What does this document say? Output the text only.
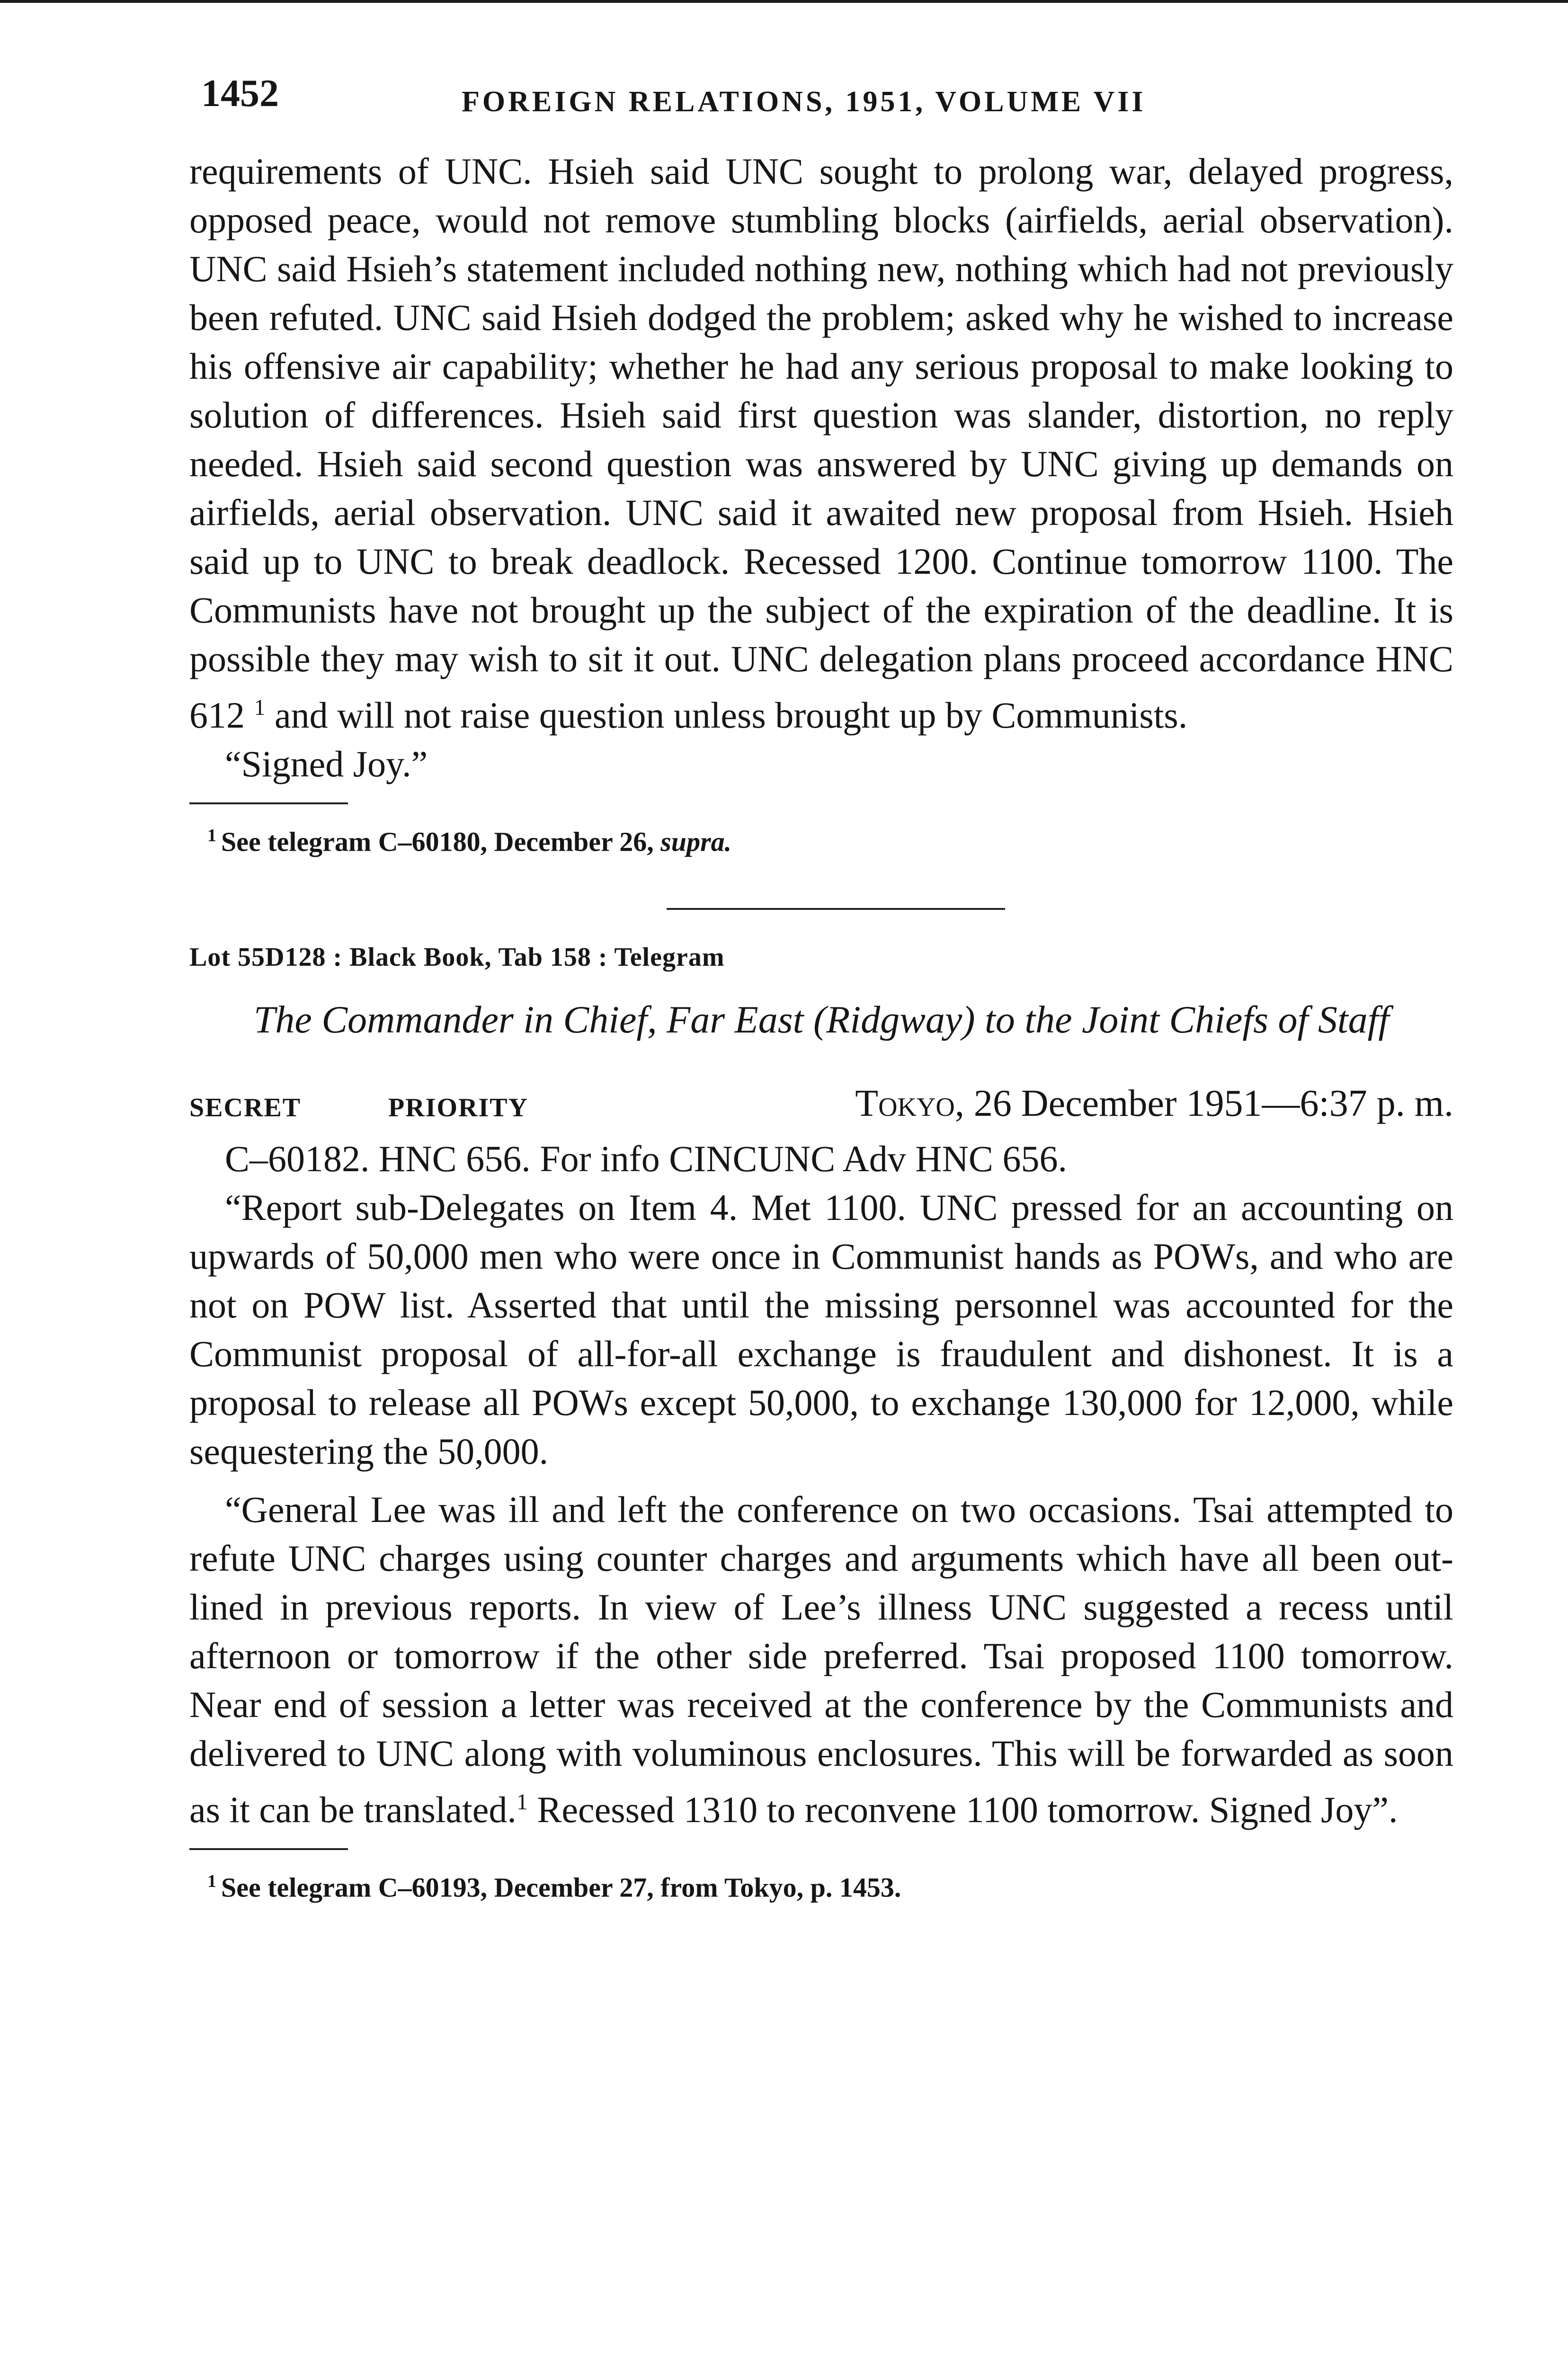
1452	FOREIGN RELATIONS, 1951, VOLUME VII

requirements of UNC. Hsieh said UNC sought to prolong war, delayed progress, opposed peace, would not remove stumbling blocks (airfields, aerial observation). UNC said Hsieh’s statement included nothing new, nothing which had not previously been refuted. UNC said Hsieh dodged the problem; asked why he wished to increase his offensive air capability; whether he had any serious proposal to make looking to solution of differences. Hsieh said first question was slander, distortion, no reply needed. Hsieh said second question was answered by UNC giving up demands on airfields, aerial observation. UNC said it awaited new proposal from Hsieh. Hsieh said up to UNC to break deadlock. Recessed 1200. Continue tomorrow 1100. The Communists have not brought up the subject of the expiration of the deadline. It is possible they may wish to sit it out. UNC delegation plans proceed accordance HNC 612 $^1$ and will not raise question unless brought up by Communists.

“Signed Joy.”

$^1$ See telegram C–60180, December 26, supra.

Lot 55D128 : Black Book, Tab 158 : Telegram

The Commander in Chief, Far East (Ridgway) to the Joint Chiefs of Staff

SECRET	PRIORITY	Tokyo, 26 December 1951—6:37 p. m.

C–60182. HNC 656. For info CINCUNC Adv HNC 656.

“Report sub-Delegates on Item 4. Met 1100. UNC pressed for an accounting on upwards of 50,000 men who were once in Communist hands as POWs, and who are not on POW list. Asserted that until the missing personnel was accounted for the Communist proposal of all-for-all exchange is fraudulent and dishonest. It is a proposal to release all POWs except 50,000, to exchange 130,000 for 12,000, while sequestering the 50,000.

“General Lee was ill and left the conference on two occasions. Tsai attempted to refute UNC charges using counter charges and arguments which have all been out-lined in previous reports. In view of Lee’s illness UNC suggested a recess until afternoon or tomorrow if the other side preferred. Tsai proposed 1100 tomorrow. Near end of session a letter was received at the conference by the Communists and delivered to UNC along with voluminous enclosures. This will be forwarded as soon as it can be translated.$^1$ Recessed 1310 to reconvene 1100 tomorrow. Signed Joy”.

$^1$ See telegram C–60193, December 27, from Tokyo, p. 1453.
